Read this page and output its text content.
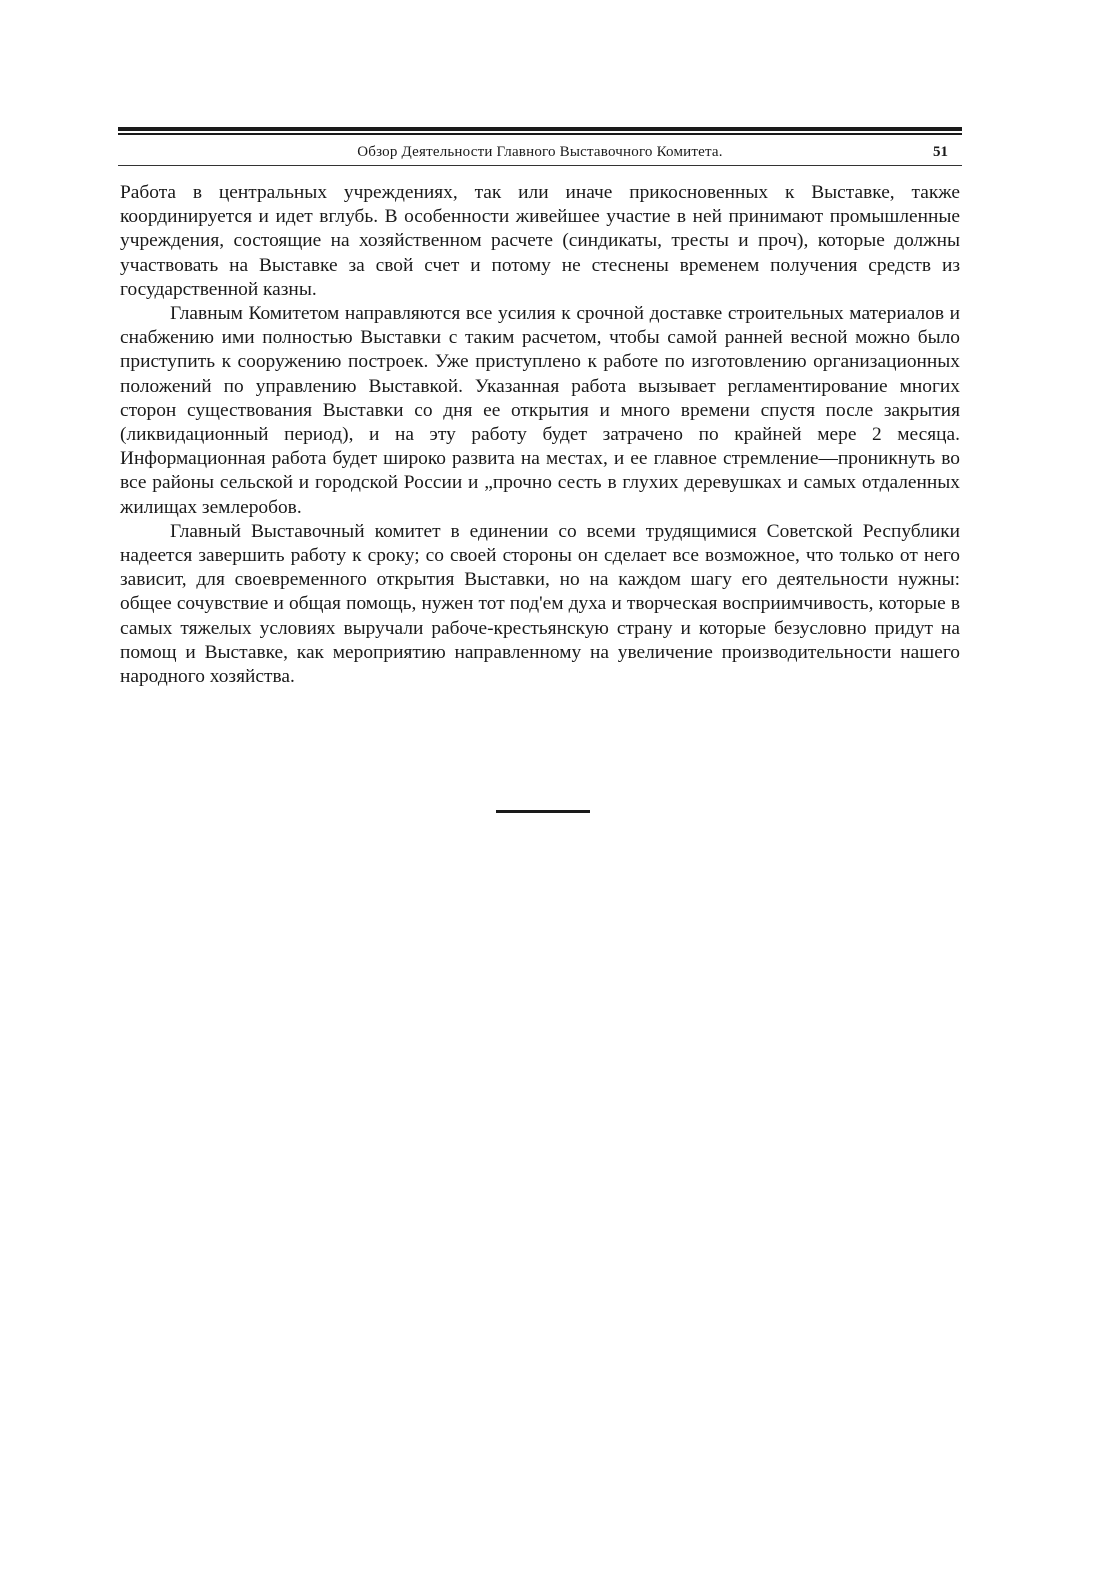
Обзор Деятельности Главного Выставочного Комитета.	51

Работа в центральных учреждениях, так или иначе прикосновенных к Выставке, также координируется и идет вглубь. В особенности живейшее участие в ней принимают промышленные учреждения, состоящие на хозяйственном расчете (синдикаты, тресты и проч), которые должны участвовать на Выставке за свой счет и потому не стеснены временем получения средств из государственной казны.

Главным Комитетом направляются все усилия к срочной доставке строительных материалов и снабжению ими полностью Выставки с таким расчетом, чтобы самой ранней весной можно было приступить к сооружению построек. Уже приступлено к работе по изготовлению организационных положений по управлению Выставкой. Указанная работа вызывает регламентирование многих сторон существования Выставки со дня ее открытия и много времени спустя после закрытия (ликвидационный период), и на эту работу будет затрачено по крайней мере 2 месяца. Информационная работа будет широко развита на местах, и ее главное стремление—проникнуть во все районы сельской и городской России и „прочно сесть в глухих деревушках и самых отдаленных жилищах землеробов.

Главный Выставочный комитет в единении со всеми трудящимися Советской Республики надеется завершить работу к сроку; со своей стороны он сделает все возможное, что только от него зависит, для своевременного открытия Выставки, но на каждом шагу его деятельности нужны: общее сочувствие и общая помощь, нужен тот под'ем духа и творческая восприимчивость, которые в самых тяжелых условиях выручали рабоче-крестьянскую страну и которые безусловно придут на помощ и Выставке, как мероприятию направленному на увеличение производительности нашего народного хозяйства.
